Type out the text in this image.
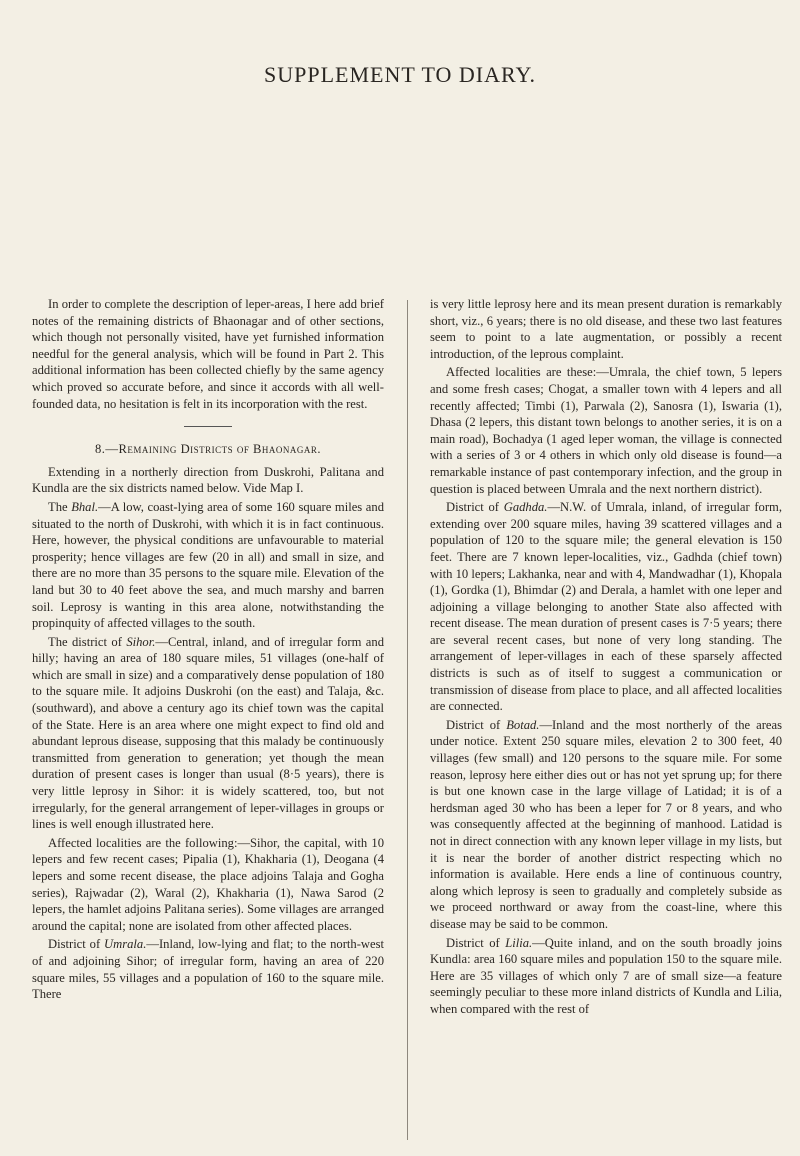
SUPPLEMENT TO DIARY.

In order to complete the description of leper-areas, I here add brief notes of the remaining districts of Bhaonagar and of other sections, which though not personally visited, have yet furnished information needful for the general analysis, which will be found in Part 2. This additional information has been collected chiefly by the same agency which proved so accurate before, and since it accords with all well-founded data, no hesitation is felt in its incorporation with the rest.

8.—Remaining Districts of Bhaonagar.

Extending in a northerly direction from Duskrohi, Palitana and Kundla are the six districts named below. Vide Map I.

The Bhal.—A low, coast-lying area of some 160 square miles and situated to the north of Duskrohi, with which it is in fact continuous. Here, however, the physical conditions are unfavourable to material prosperity; hence villages are few (20 in all) and small in size, and there are no more than 35 persons to the square mile. Elevation of the land but 30 to 40 feet above the sea, and much marshy and barren soil. Leprosy is wanting in this area alone, notwithstanding the propinquity of affected villages to the south.

The district of Sihor.—Central, inland, and of irregular form and hilly; having an area of 180 square miles, 51 villages (one-half of which are small in size) and a comparatively dense population of 180 to the square mile. It adjoins Duskrohi (on the east) and Talaja, &c. (southward), and above a century ago its chief town was the capital of the State. Here is an area where one might expect to find old and abundant leprous disease, supposing that this malady be continuously transmitted from generation to generation; yet though the mean duration of present cases is longer than usual (8·5 years), there is very little leprosy in Sihor: it is widely scattered, too, but not irregularly, for the general arrangement of leper-villages in groups or lines is well enough illustrated here.

Affected localities are the following:—Sihor, the capital, with 10 lepers and few recent cases; Pipalia (1), Khakharia (1), Deogana (4 lepers and some recent disease, the place adjoins Talaja and Gogha series), Rajwadar (2), Waral (2), Khakharia (1), Nawa Sarod (2 lepers, the hamlet adjoins Palitana series). Some villages are arranged around the capital; none are isolated from other affected places.

District of Umrala.—Inland, low-lying and flat; to the north-west of and adjoining Sihor; of irregular form, having an area of 220 square miles, 55 villages and a population of 160 to the square mile. There

is very little leprosy here and its mean present duration is remarkably short, viz., 6 years; there is no old disease, and these two last features seem to point to a late augmentation, or possibly a recent introduction, of the leprous complaint.

Affected localities are these:—Umrala, the chief town, 5 lepers and some fresh cases; Chogat, a smaller town with 4 lepers and all recently affected; Timbi (1), Parwala (2), Sanosra (1), Iswaria (1), Dhasa (2 lepers, this distant town belongs to another series, it is on a main road), Bochadya (1 aged leper woman, the village is connected with a series of 3 or 4 others in which only old disease is found—a remarkable instance of past contemporary infection, and the group in question is placed between Umrala and the next northern district).

District of Gadhda.—N.W. of Umrala, inland, of irregular form, extending over 200 square miles, having 39 scattered villages and a population of 120 to the square mile; the general elevation is 150 feet. There are 7 known leper-localities, viz., Gadhda (chief town) with 10 lepers; Lakhanka, near and with 4, Mandwadhar (1), Khopala (1), Gordka (1), Bhimdar (2) and Derala, a hamlet with one leper and adjoining a village belonging to another State also affected with recent disease. The mean duration of present cases is 7·5 years; there are several recent cases, but none of very long standing. The arrangement of leper-villages in each of these sparsely affected districts is such as of itself to suggest a communication or transmission of disease from place to place, and all affected localities are connected.

District of Botad.—Inland and the most northerly of the areas under notice. Extent 250 square miles, elevation 2 to 300 feet, 40 villages (few small) and 120 persons to the square mile. For some reason, leprosy here either dies out or has not yet sprung up; for there is but one known case in the large village of Latidad; it is of a herdsman aged 30 who has been a leper for 7 or 8 years, and who was consequently affected at the beginning of manhood. Latidad is not in direct connection with any known leper village in my lists, but it is near the border of another district respecting which no information is available. Here ends a line of continuous country, along which leprosy is seen to gradually and completely subside as we proceed northward or away from the coast-line, where this disease may be said to be common.

District of Lilia.—Quite inland, and on the south broadly joins Kundla: area 160 square miles and population 150 to the square mile. Here are 35 villages of which only 7 are of small size—a feature seemingly peculiar to these more inland districts of Kundla and Lilia, when compared with the rest of
